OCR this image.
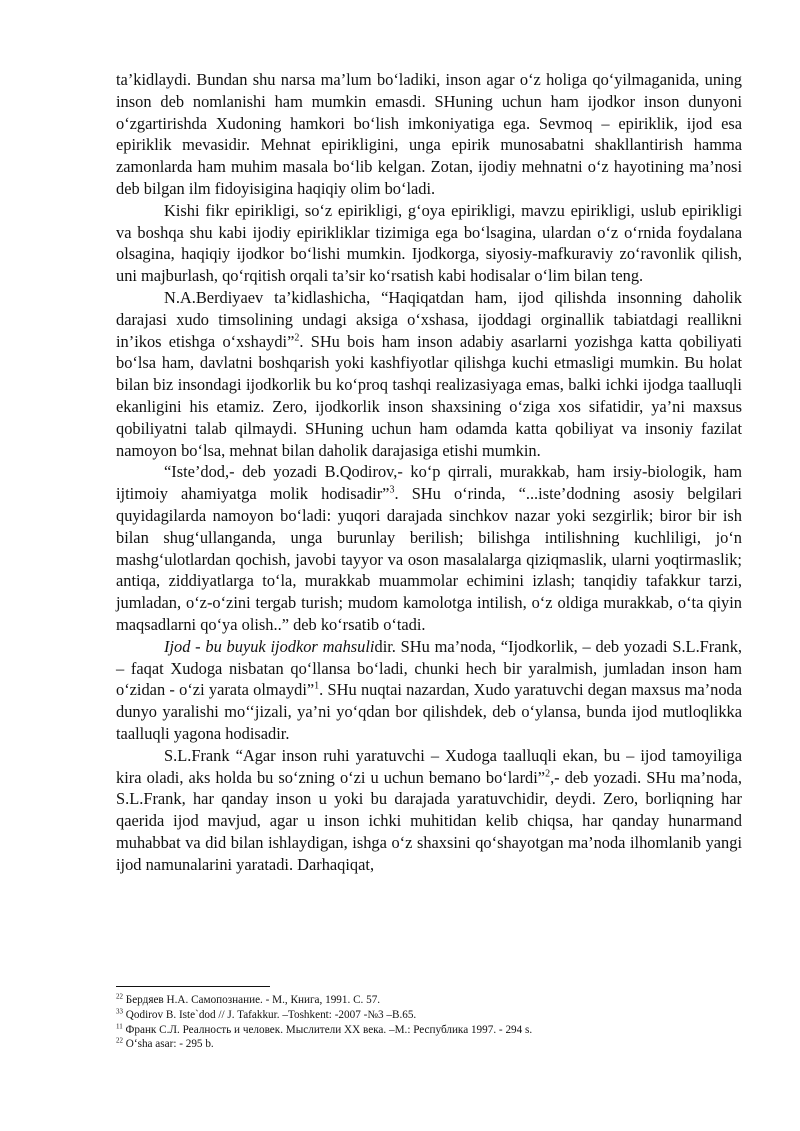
ta’kidlaydi. Bundan shu narsa ma’lum bo‘ladiki, inson agar o‘z holiga qo‘yilmaganida, uning inson deb nomlanishi ham mumkin emasdi. SHuning uchun ham ijodkor inson dunyoni o‘zgartirishda Xudoning hamkori bo‘lish imkoniyatiga ega. Sevmoq – epiriklik, ijod esa epiriklik mevasidir. Mehnat epirikligini, unga epirik munosabatni shakllantirish hamma zamonlarda ham muhim masala bo‘lib kelgan. Zotan, ijodiy mehnatni o‘z hayotining ma’nosi deb bilgan ilm fidoyisigina haqiqiy olim bo‘ladi.

Kishi fikr epirikligi, so‘z epirikligi, g‘oya epirikligi, mavzu epirikligi, uslub epirikligi va boshqa shu kabi ijodiy epirikliklar tizimiga ega bo‘lsagina, ulardan o‘z o‘rnida foydalana olsagina, haqiqiy ijodkor bo‘lishi mumkin. Ijodkorga, siyosiy-mafkuraviy zo‘ravonlik qilish, uni majburlash, qo‘rqitish orqali ta’sir ko‘rsatish kabi hodisalar o‘lim bilan teng.

N.A.Berdiyaev ta’kidlashicha, “Haqiqatdan ham, ijod qilishda insonning daholik darajasi xudo timsolining undagi aksiga o‘xshasa, ijoddagi orginallik tabiatdagi reallikni in’ikos etishga o‘xshaydi”$^2$. SHu bois ham inson adabiy asarlarni yozishga katta qobiliyati bo‘lsa ham, davlatni boshqarish yoki kashfiyotlar qilishga kuchi etmasligi mumkin. Bu holat bilan biz insondagi ijodkorlik bu ko‘proq tashqi realizasiyaga emas, balki ichki ijodga taalluqli ekanligini his etamiz. Zero, ijodkorlik inson shaxsining o‘ziga xos sifatidir, ya’ni maxsus qobiliyatni talab qilmaydi. SHuning uchun ham odamda katta qobiliyat va insoniy fazilat namoyon bo‘lsa, mehnat bilan daholik darajasiga etishi mumkin.

“Iste’dod,- deb yozadi B.Qodirov,- ko‘p qirrali, murakkab, ham irsiy-biologik, ham ijtimoiy ahamiyatga molik hodisadir”$^3$. SHu o‘rinda, “...iste’dodning asosiy belgilari quyidagilarda namoyon bo‘ladi: yuqori darajada sinchkov nazar yoki sezgirlik; biror bir ish bilan shug‘ullanganda, unga burunlay berilish; bilishga intilishning kuchliligi, jo‘n mashg‘ulotlardan qochish, javobi tayyor va oson masalalarga qiziqmaslik, ularni yoqtirmaslik; antiqa, ziddiyatlarga to‘la, murakkab muammolar echimini izlash; tanqidiy tafakkur tarzi, jumladan, o‘z-o‘zini tergab turish; mudom kamolotga intilish, o‘z oldiga murakkab, o‘ta qiyin maqsadlarni qo‘ya olish..” deb ko‘rsatib o‘tadi.

Ijod - bu buyuk ijodkor mahsulidir. SHu ma’noda, “Ijodkorlik, – deb yozadi S.L.Frank, – faqat Xudoga nisbatan qo‘llansa bo‘ladi, chunki hech bir yaralmish, jumladan inson ham o‘zidan - o‘zi yarata olmaydi”$^1$. SHu nuqtai nazardan, Xudo yaratuvchi degan maxsus ma’noda dunyo yaralishi mo‘‘jizali, ya’ni yo‘qdan bor qilishdek, deb o‘ylansa, bunda ijod mutloqlikka taalluqli yagona hodisadir.

S.L.Frank “Agar inson ruhi yaratuvchi – Xudoga taalluqli ekan, bu – ijod tamoyiliga kira oladi, aks holda bu so‘zning o‘zi u uchun bemano bo‘lardi”$^2$,- deb yozadi. SHu ma’noda, S.L.Frank, har qanday inson u yoki bu darajada yaratuvchidir, deydi. Zero, borliqning har qaerida ijod mavjud, agar u inson ichki muhitidan kelib chiqsa, har qanday hunarmand muhabbat va did bilan ishlaydigan, ishga o‘z shaxsini qo‘shayotgan ma’noda ilhomlanib yangi ijod namunalarini yaratadi. Darhaqiqat,

$^{22}$ Бердяев Н.А. Самопознание. - М., Книга, 1991. С. 57.
$^{33}$ Qodirov B. Iste`dod // J. Tafakkur. –Toshkent: -2007 -№3 –B.65.
$^{11}$ Франк С.Л. Реалность и человек. Мыслители XX века. –М.: Республика 1997. - 294 s.
$^{22}$ O‘sha asar: - 295 b.
